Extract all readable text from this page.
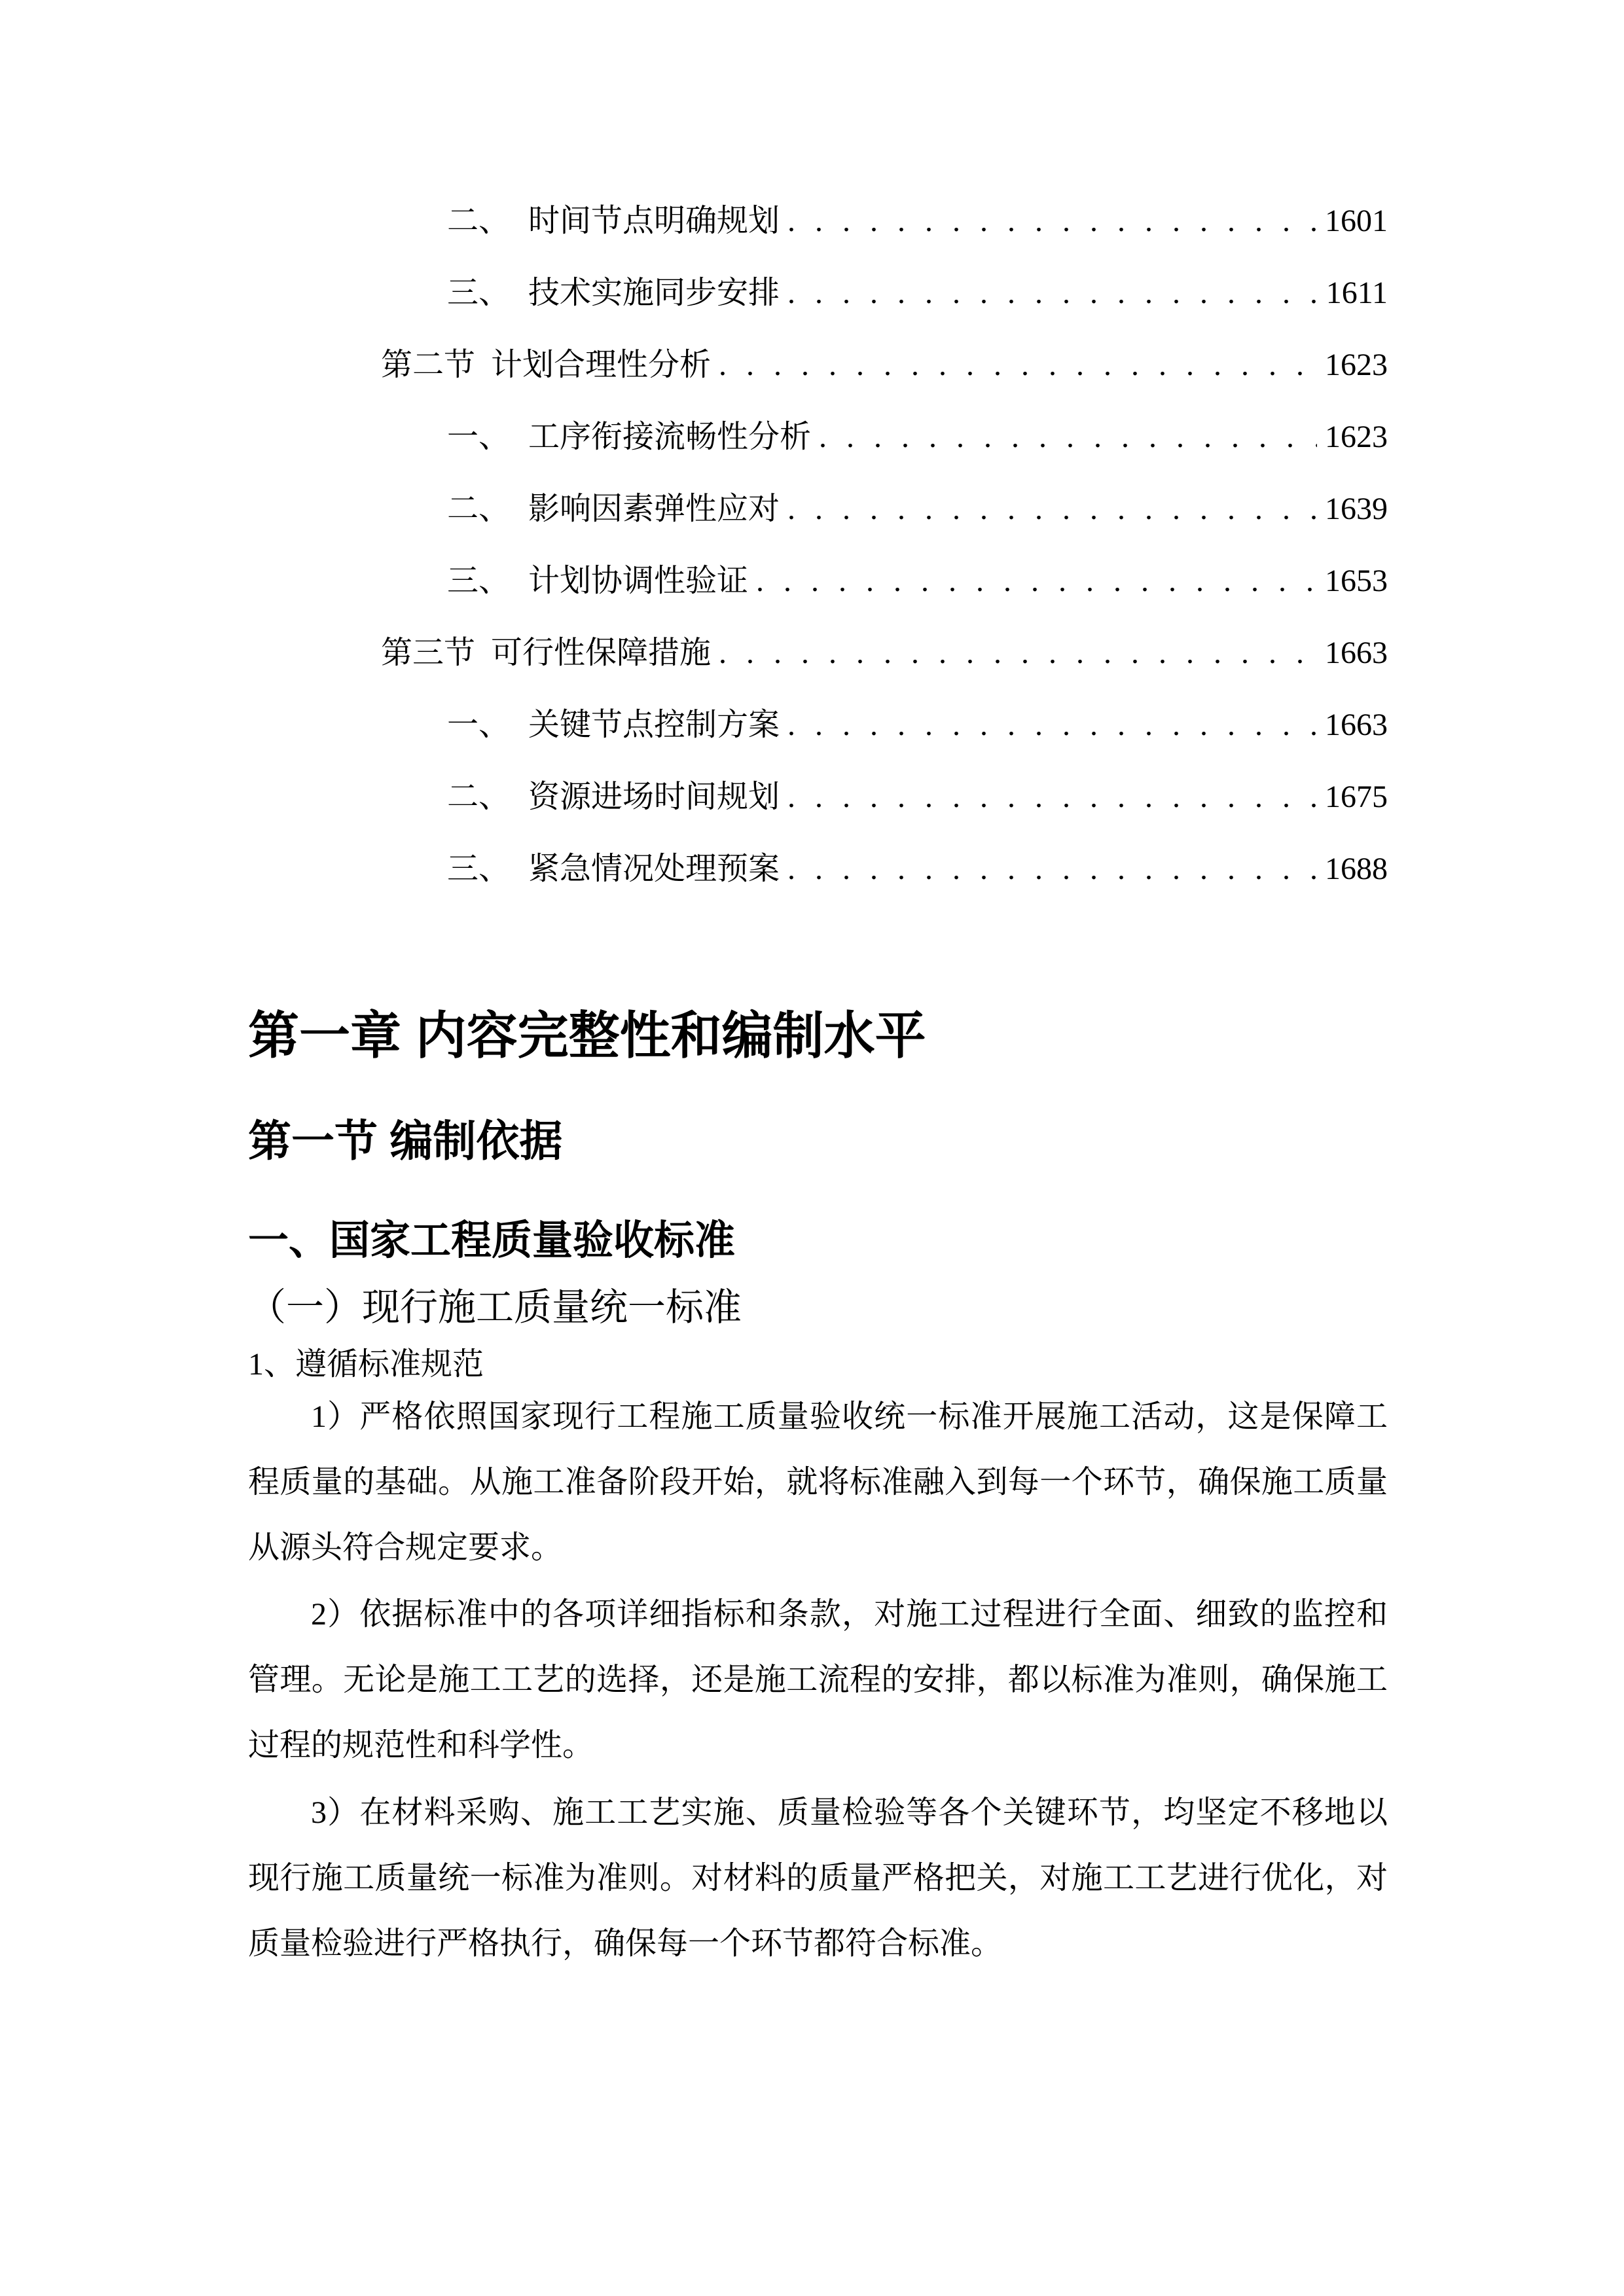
二、 时间节点明确规划 . . .	1601
三、 技术实施同步安排 . . .	1611
第二节 计划合理性分析 . . .	1623
一、 工序衔接流畅性分析 . . .	1623
二、 影响因素弹性应对 . . .	1639
三、 计划协调性验证 . . .	1653
第三节 可行性保障措施 . . .	1663
一、 关键节点控制方案 . . .	1663
二、 资源进场时间规划 . . .	1675
三、 紧急情况处理预案 . . .	1688
第一章 内容完整性和编制水平
第一节 编制依据
一、国家工程质量验收标准
（一）现行施工质量统一标准
1、遵循标准规范

1）严格依照国家现行工程施工质量验收统一标准开展施工活动，这是保障工程质量的基础。从施工准备阶段开始，就将标准融入到每一个环节，确保施工质量从源头符合规定要求。

2）依据标准中的各项详细指标和条款，对施工过程进行全面、细致的监控和管理。无论是施工工艺的选择，还是施工流程的安排，都以标准为准则，确保施工过程的规范性和科学性。

3）在材料采购、施工工艺实施、质量检验等各个关键环节，均坚定不移地以现行施工质量统一标准为准则。对材料的质量严格把关，对施工工艺进行优化，对质量检验进行严格执行，确保每一个环节都符合标准。
